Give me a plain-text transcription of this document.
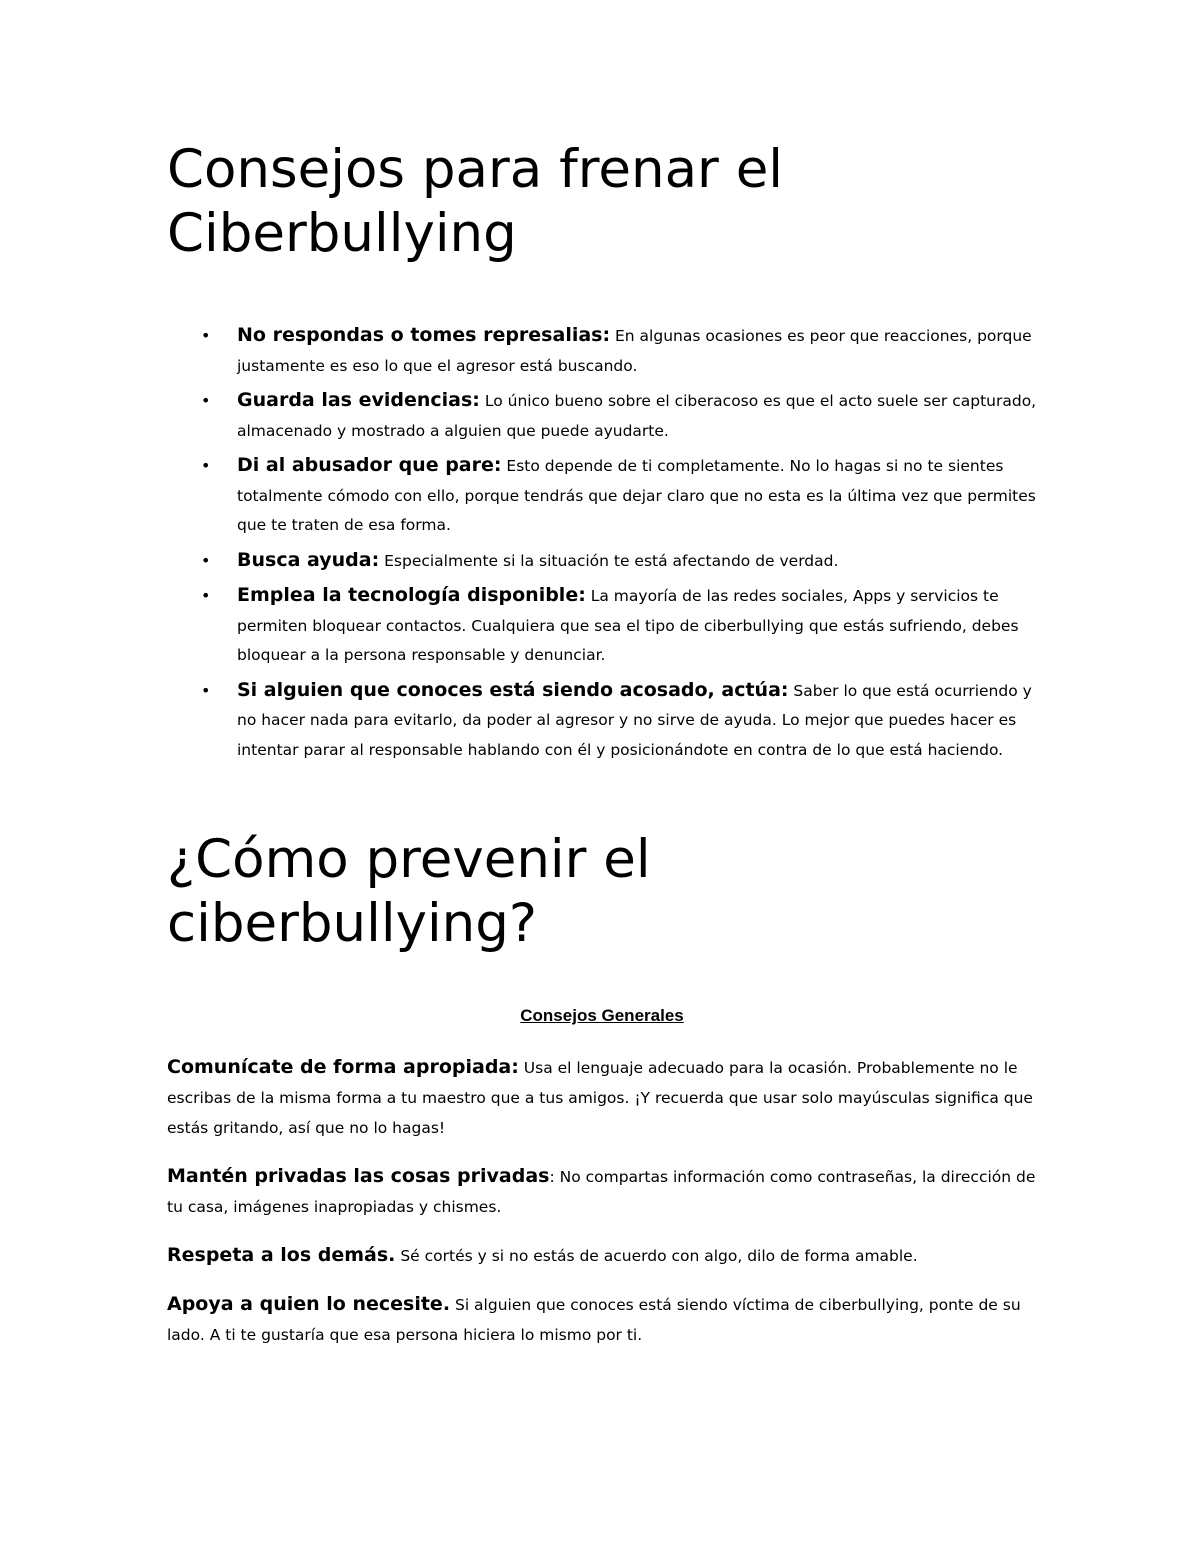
Consejos para frenar el Ciberbullying
• No respondas o tomes represalias: En algunas ocasiones es peor que reacciones, porque justamente es eso lo que el agresor está buscando.
• Guarda las evidencias: Lo único bueno sobre el ciberacoso es que el acto suele ser capturado, almacenado y mostrado a alguien que puede ayudarte.
• Di al abusador que pare: Esto depende de ti completamente. No lo hagas si no te sientes totalmente cómodo con ello, porque tendrás que dejar claro que no esta es la última vez que permites que te traten de esa forma.
• Busca ayuda: Especialmente si la situación te está afectando de verdad.
• Emplea la tecnología disponible: La mayoría de las redes sociales, Apps y servicios te permiten bloquear contactos. Cualquiera que sea el tipo de ciberbullying que estás sufriendo, debes bloquear a la persona responsable y denunciar.
• Si alguien que conoces está siendo acosado, actúa: Saber lo que está ocurriendo y no hacer nada para evitarlo, da poder al agresor y no sirve de ayuda. Lo mejor que puedes hacer es intentar parar al responsable hablando con él y posicionándote en contra de lo que está haciendo.
¿Cómo prevenir el ciberbullying?
Consejos Generales

Comunícate de forma apropiada: Usa el lenguaje adecuado para la ocasión. Probablemente no le escribas de la misma forma a tu maestro que a tus amigos. ¡Y recuerda que usar solo mayúsculas significa que estás gritando, así que no lo hagas!

Mantén privadas las cosas privadas: No compartas información como contraseñas, la dirección de tu casa, imágenes inapropiadas y chismes.

Respeta a los demás. Sé cortés y si no estás de acuerdo con algo, dilo de forma amable.

Apoya a quien lo necesite. Si alguien que conoces está siendo víctima de ciberbullying, ponte de su lado. A ti te gustaría que esa persona hiciera lo mismo por ti.
